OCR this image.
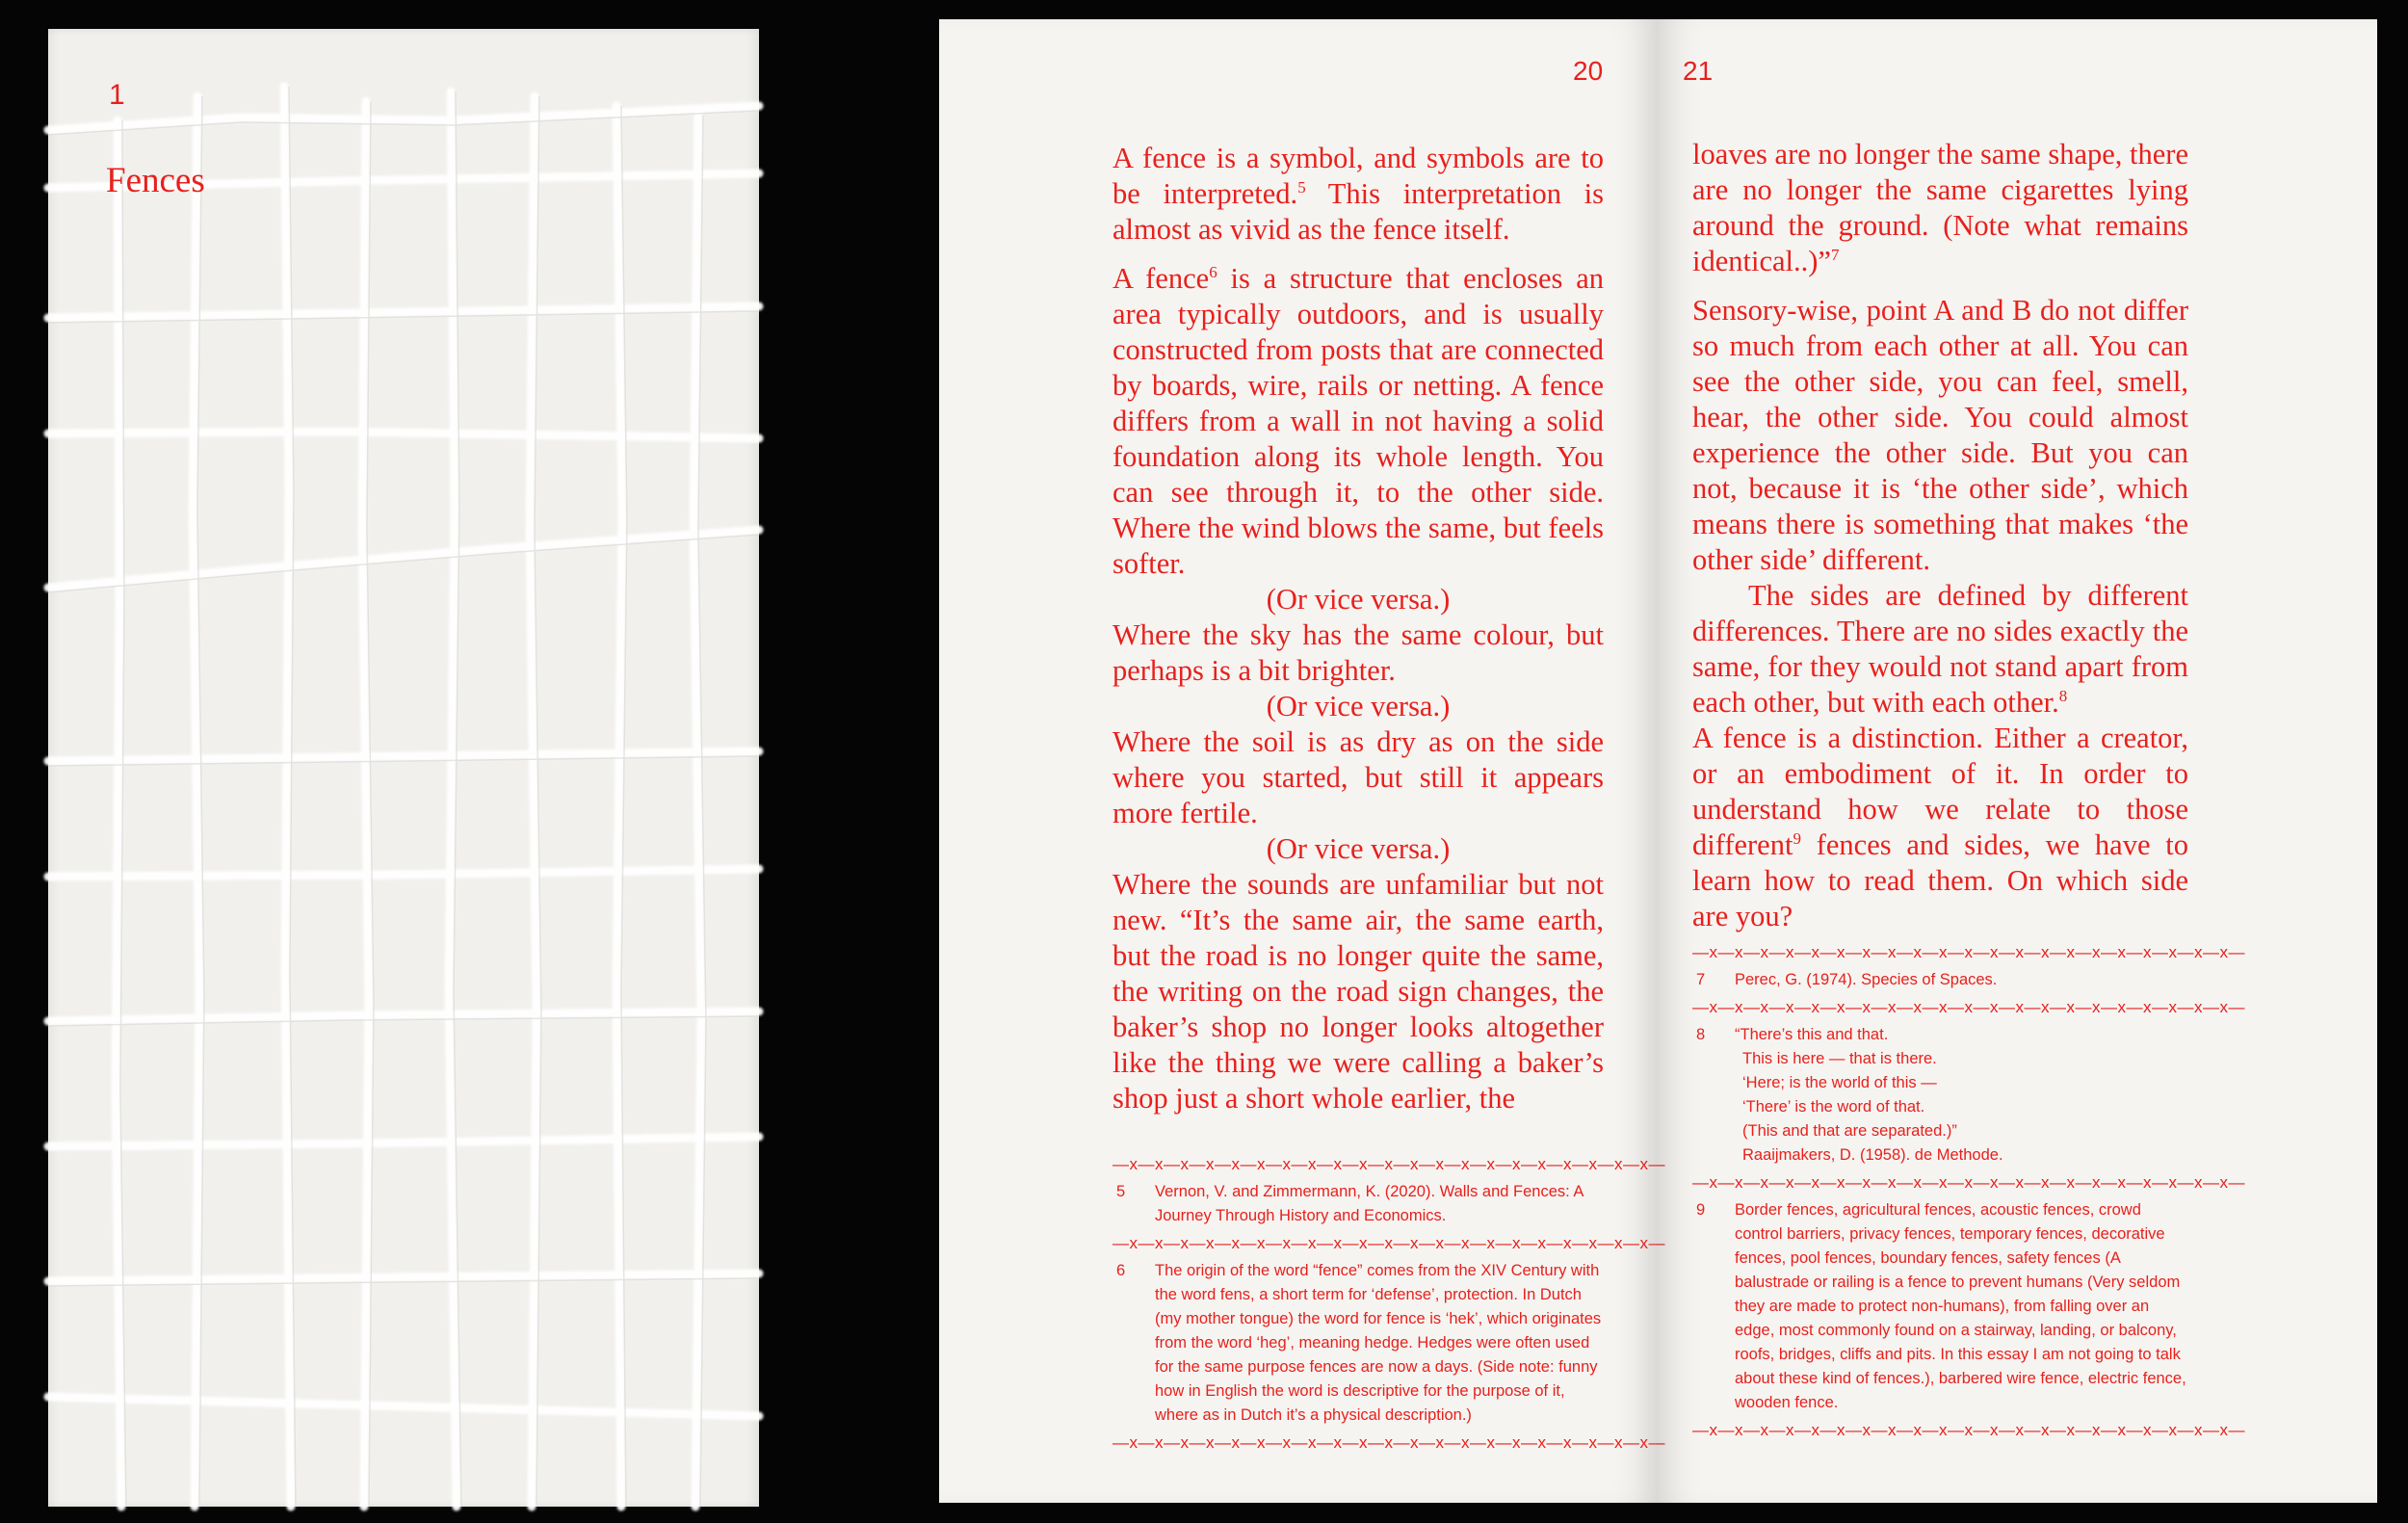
1
Fences
20

A fence is a symbol, and symbols are to be interpreted.$^5$ This interpretation is almost as vivid as the fence itself.

A fence$^6$ is a structure that encloses an area typically outdoors, and is usually constructed from posts that are connected by boards, wire, rails or netting. A fence differs from a wall in not having a solid foundation along its whole length. You can see through it, to the other side. Where the wind blows the same, but feels softer.

(Or vice versa.)

Where the sky has the same colour, but perhaps is a bit brighter.

(Or vice versa.)

Where the soil is as dry as on the side where you started, but still it appears more fertile.

(Or vice versa.)

Where the sounds are unfamiliar but not new. “It’s the same air, the same earth, but the road is no longer quite the same, the writing on the road sign changes, the baker’s shop no longer looks altogether like the thing we were calling a baker’s shop just a short whole earlier, the

—x—x—x—x—x—x—x—x—x—x—x—x—x—x—x—x—x—x—x—x—x—
5	Vernon, V. and Zimmermann, K. (2020). Walls and Fences: A Journey Through History and Economics.
—x—x—x—x—x—x—x—x—x—x—x—x—x—x—x—x—x—x—x—x—x—
6	The origin of the word “fence” comes from the XIV Century with the word fens, a short term for ‘defense’, protection. In Dutch (my mother tongue) the word for fence is ‘hek’, which originates from the word ‘heg’, meaning hedge. Hedges were often used for the same purpose fences are now a days. (Side note: funny how in English the word is descriptive for the purpose of it, where as in Dutch it’s a physical description.)
—x—x—x—x—x—x—x—x—x—x—x—x—x—x—x—x—x—x—x—x—x—
21

loaves are no longer the same shape, there are no longer the same cigarettes lying around the ground. (Note what remains identical..)”$^7$

Sensory-wise, point A and B do not differ so much from each other at all. You can see the other side, you can feel, smell, hear, the other side. You could almost experience the other side. But you can not, because it is ‘the other side’, which means there is something that makes ‘the other side’ different.

The sides are defined by different differences. There are no sides exactly the same, for they would not stand apart from each other, but with each other.$^8$

A fence is a distinction. Either a creator, or an embodiment of it. In order to understand how we relate to those different$^9$ fences and sides, we have to learn how to read them. On which side are you?

—x—x—x—x—x—x—x—x—x—x—x—x—x—x—x—x—x—x—x—x—x—
7	Perec, G. (1974). Species of Spaces.
—x—x—x—x—x—x—x—x—x—x—x—x—x—x—x—x—x—x—x—x—x—
8	“There’s this and that.
This is here — that is there.
‘Here; is the world of this —
‘There’ is the word of that.
(This and that are separated.)”
Raaijmakers, D. (1958). de Methode.
—x—x—x—x—x—x—x—x—x—x—x—x—x—x—x—x—x—x—x—x—x—
9	Border fences, agricultural fences, acoustic fences, crowd control barriers, privacy fences, temporary fences, decorative fences, pool fences, boundary fences, safety fences (A balustrade or railing is a fence to prevent humans (Very seldom they are made to protect non-humans), from falling over an edge, most commonly found on a stairway, landing, or balcony, roofs, bridges, cliffs and pits. In this essay I am not going to talk about these kind of fences.), barbered wire fence, electric fence, wooden fence.
—x—x—x—x—x—x—x—x—x—x—x—x—x—x—x—x—x—x—x—x—x—
